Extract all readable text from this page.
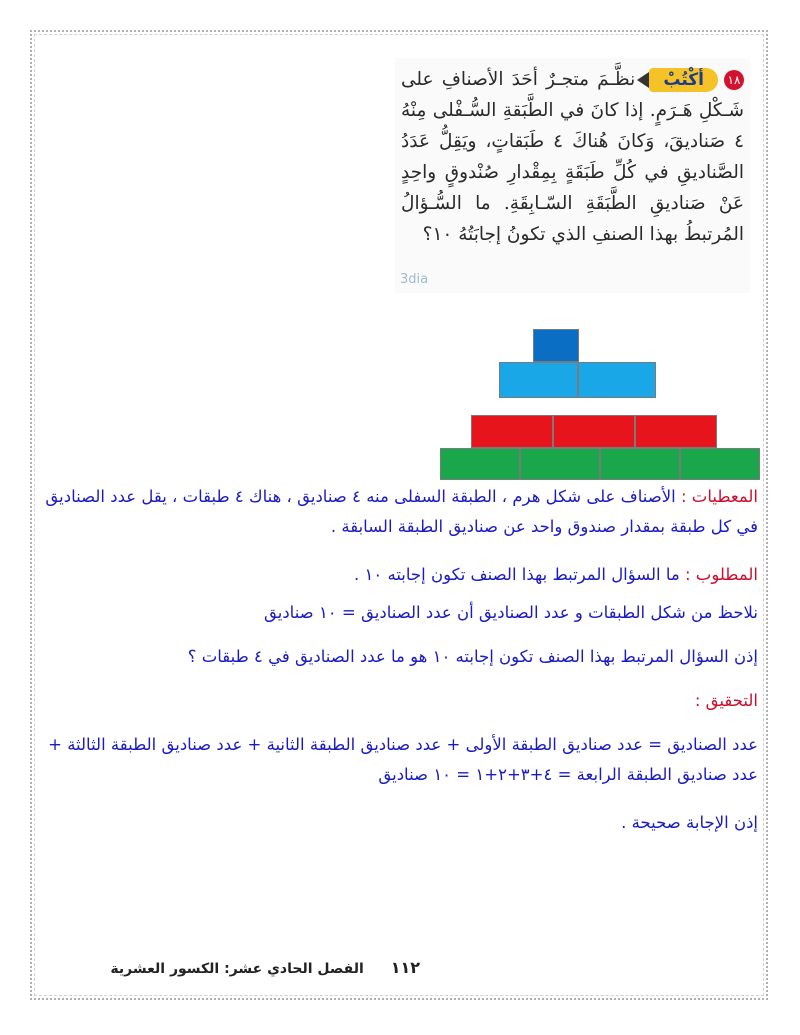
١٨أكْتُبْ نظَّـمَ متجـرٌ أحَدَ الأصنافِ على شَـكْلِ هَـرَمٍ. إذا كانَ في الطَّبَقةِ السُّـفْلى مِنْهُ ٤ صَناديقَ، وَكانَ هُناكَ ٤ طَبَقاتٍ، ويَقِلُّ عَدَدُ الصَّناديقِ في كُلِّ طَبَقَةٍ بِمِقْدارِ صُنْدوقٍ واحِدٍ عَنْ صَناديقِ الطَّبَقَةِ السّـابِقَةِ. ما السُّـؤالُ المُرتبطُ بهذا الصنفِ الذي تكونُ إجابَتُهُ ١٠؟
3dia
المعطيات : الأصناف على شكل هرم ، الطبقة السفلى منه ٤ صناديق ، هناك ٤ طبقات ، يقل عدد الصناديق في كل طبقة بمقدار صندوق واحد عن صناديق الطبقة السابقة .
المطلوب : ما السؤال المرتبط بهذا الصنف تكون إجابته ١٠ .
نلاحظ من شكل الطبقات و عدد الصناديق أن عدد الصناديق = ١٠ صناديق
إذن السؤال المرتبط بهذا الصنف تكون إجابته ١٠ هو ما عدد الصناديق في ٤ طبقات ؟
التحقيق :
عدد الصناديق = عدد صناديق الطبقة الأولى + عدد صناديق الطبقة الثانية + عدد صناديق الطبقة الثالثة + عدد صناديق الطبقة الرابعة = ٤+٣+٢+١ = ١٠ صناديق
إذن الإجابة صحيحة .
١١٢ الفصل الحادي عشر: الكسور العشرية
